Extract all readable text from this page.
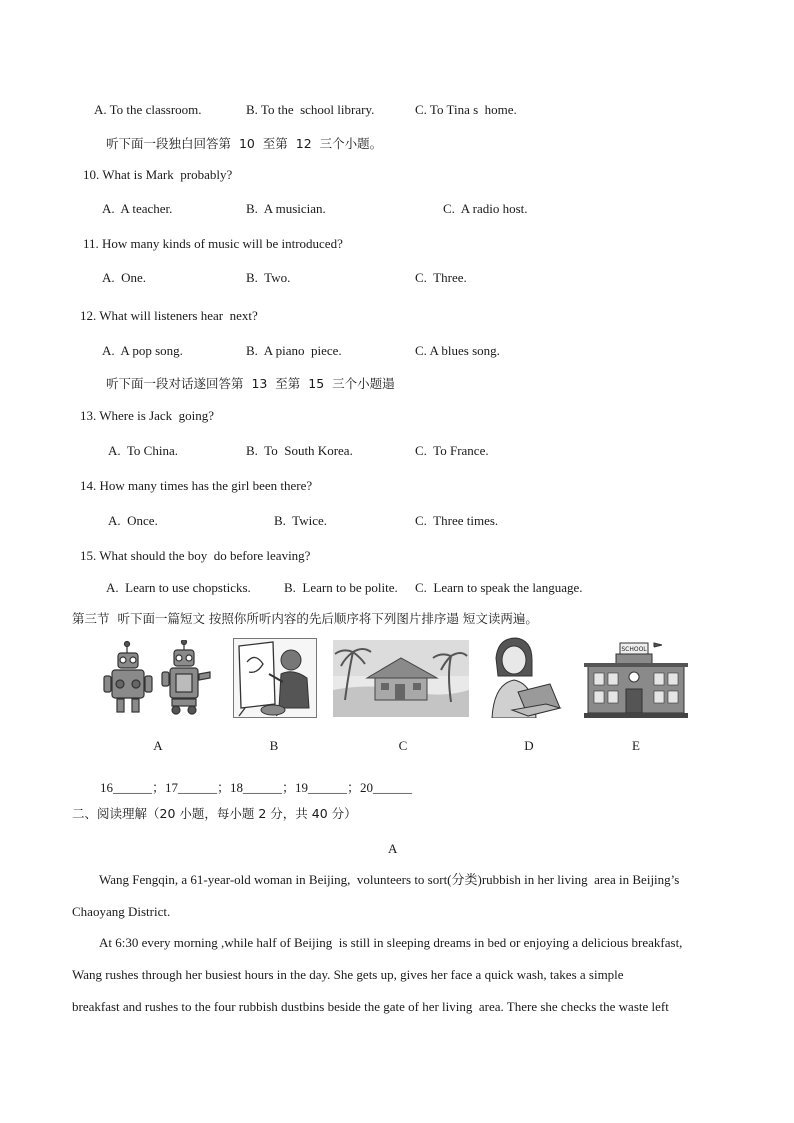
A. To the classroom.	B. To the  school library.	C. To Tina s  home.
听下面一段独白回答第  10  至第  12  三个小题。
10. What is Mark  probably?
A.  A teacher.	B.  A musician.	C.  A radio host.
11. How many kinds of music will be introduced?
A.  One.	B.  Two.	C.  Three.
12. What will listeners hear  next?
A.  A pop song.	B.  A piano  piece.	C. A blues song.
听下面一段对话遂回答第  13  至第  15  三个小题遢
13. Where is Jack  going?
A.  To China.	B.  To  South Korea.	C.  To France.
14. How many times has the girl been there?
A.  Once.	B.  Twice.	C.  Three times.
15. What should the boy  do before leaving?
A.  Learn to use chopsticks.	B.  Learn to be polite. C.  Learn to speak the language.
第三节  听下面一篇短文 按照你所听内容的先后顺序将下列图片排序遢 短文读两遍。
A	B	C	D
SCHOOL
E
16______；17______；18______；19______；20______
二、阅读理解（20 小题，每小题 2 分，共 40 分）
A
Wang Fengqin, a 61-year-old woman in Beijing,  volunteers to sort(分类)rubbish in her living  area in Beijing’s
Chaoyang District.
At 6:30 every morning ,while half of Beijing  is still in sleeping dreams in bed or enjoying a delicious breakfast,
Wang rushes through her busiest hours in the day. She gets up, gives her face a quick wash, takes a simple
breakfast and rushes to the four rubbish dustbins beside the gate of her living  area. There she checks the waste left
